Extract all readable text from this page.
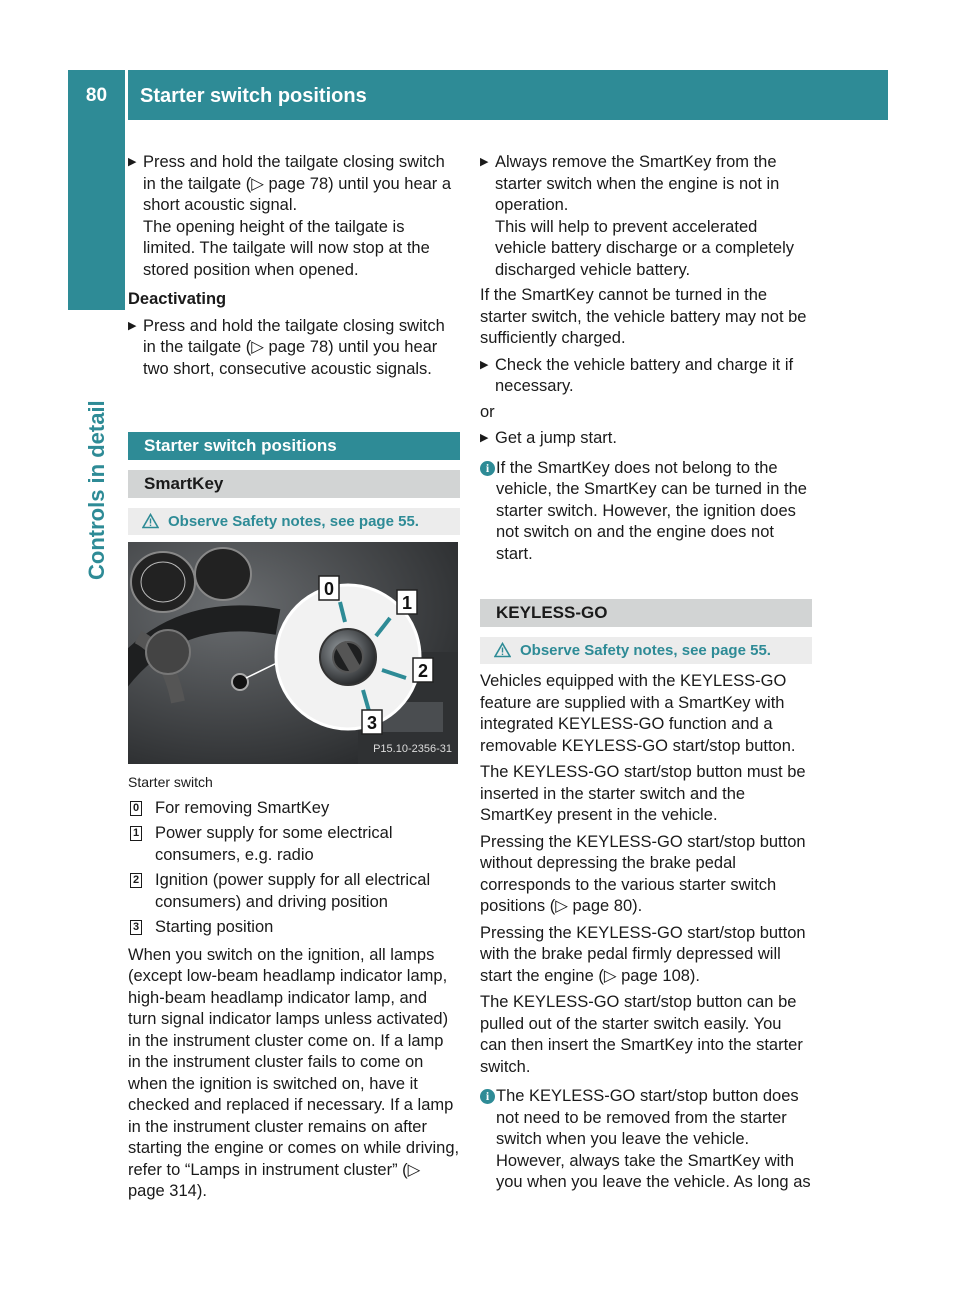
80	Starter switch positions
Controls in detail
▶ Press and hold the tailgate closing switch in the tailgate (▷ page 78) until you hear a short acoustic signal.
The opening height of the tailgate is limited. The tailgate will now stop at the stored position when opened.

Deactivating

▶ Press and hold the tailgate closing switch in the tailgate (▷ page 78) until you hear two short, consecutive acoustic signals.
Starter switch positions
SmartKey
Observe Safety notes, see page 55.
0
1
2
3
P15.10-2356-31

Starter switch

0 For removing SmartKey
1 Power supply for some electrical consumers, e.g. radio
2 Ignition (power supply for all electrical consumers) and driving position
3 Starting position

When you switch on the ignition, all lamps (except low-beam headlamp indicator lamp, high-beam headlamp indicator lamp, and turn signal indicator lamps unless activated) in the instrument cluster come on. If a lamp in the instrument cluster fails to come on when the ignition is switched on, have it checked and replaced if necessary. If a lamp in the instrument cluster remains on after starting the engine or comes on while driving, refer to “Lamps in instrument cluster” (▷ page 314).

▶ Always remove the SmartKey from the starter switch when the engine is not in operation.
This will help to prevent accelerated vehicle battery discharge or a completely discharged vehicle battery.

If the SmartKey cannot be turned in the starter switch, the vehicle battery may not be sufficiently charged.

▶ Check the vehicle battery and charge it if necessary.

or

▶ Get a jump start.
i If the SmartKey does not belong to the vehicle, the SmartKey can be turned in the starter switch. However, the ignition does not switch on and the engine does not start.
KEYLESS-GO
Observe Safety notes, see page 55.

Vehicles equipped with the KEYLESS-GO feature are supplied with a SmartKey with integrated KEYLESS-GO function and a removable KEYLESS-GO start/stop button.

The KEYLESS-GO start/stop button must be inserted in the starter switch and the SmartKey present in the vehicle.

Pressing the KEYLESS-GO start/stop button without depressing the brake pedal corresponds to the various starter switch positions (▷ page 80).

Pressing the KEYLESS-GO start/stop button with the brake pedal firmly depressed will start the engine (▷ page 108).

The KEYLESS-GO start/stop button can be pulled out of the starter switch easily. You can then insert the SmartKey into the starter switch.

i The KEYLESS-GO start/stop button does not need to be removed from the starter switch when you leave the vehicle. However, always take the SmartKey with you when you leave the vehicle. As long as
